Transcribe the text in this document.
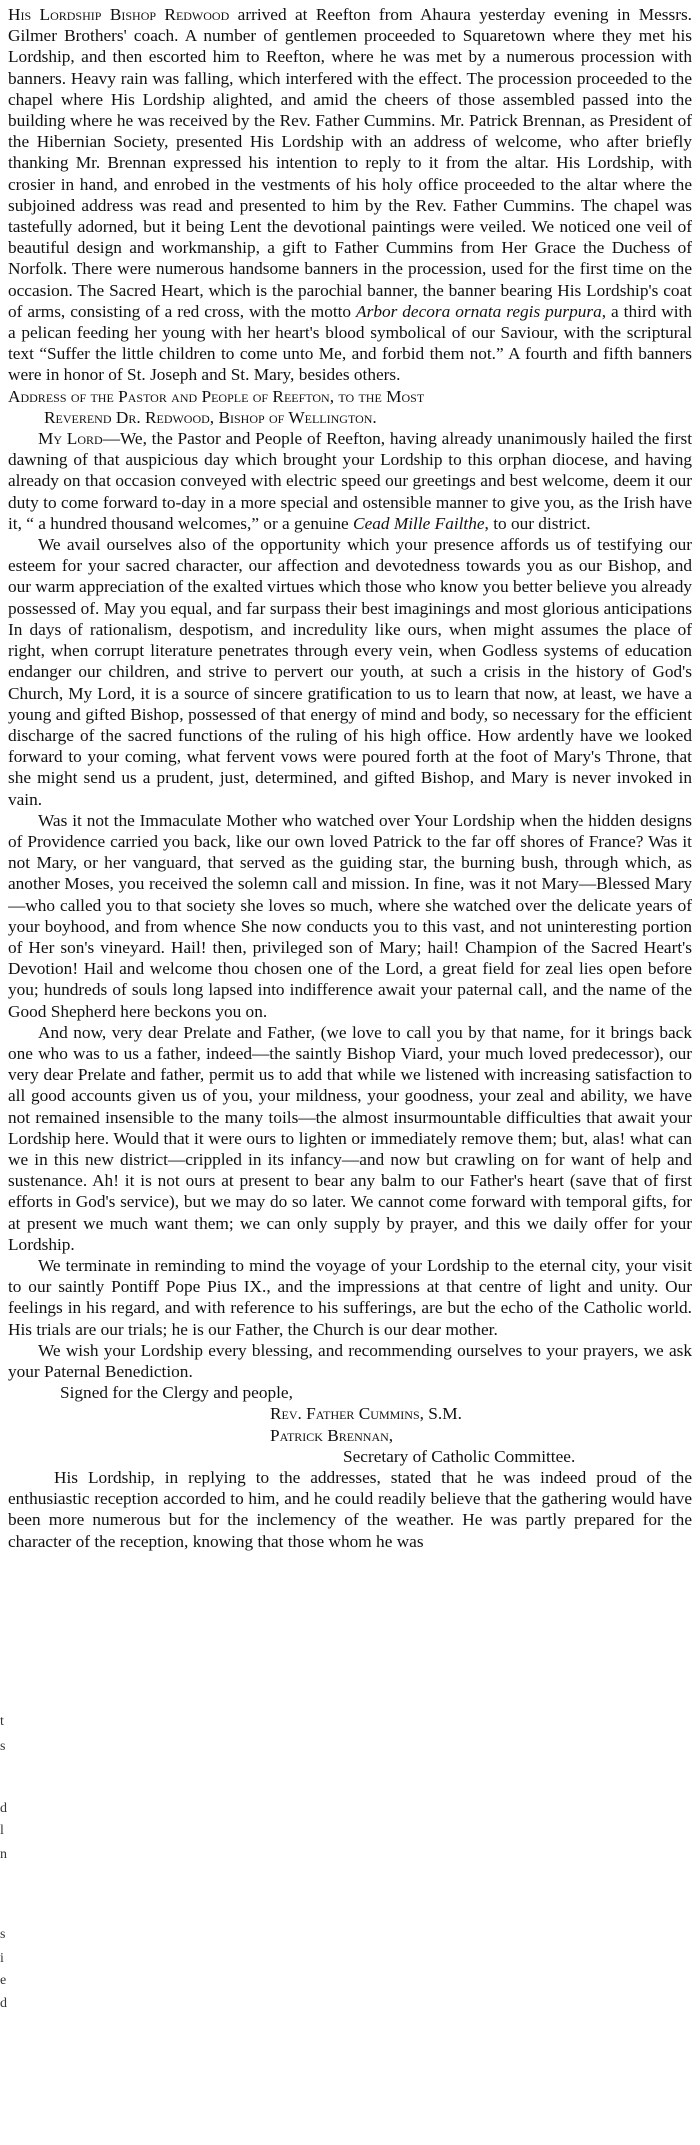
His Lordship Bishop Redwood arrived at Reefton from Ahaura yesterday evening in Messrs. Gilmer Brothers' coach. A number of gentlemen proceeded to Squaretown where they met his Lordship, and then escorted him to Reefton, where he was met by a numerous procession with banners. Heavy rain was falling, which interfered with the effect. The procession proceeded to the chapel where His Lordship alighted, and amid the cheers of those assembled passed into the building where he was received by the Rev. Father Cummins. Mr. Patrick Brennan, as President of the Hibernian Society, presented His Lordship with an address of welcome, who after briefly thanking Mr. Brennan expressed his intention to reply to it from the altar. His Lordship, with crosier in hand, and enrobed in the vestments of his holy office proceeded to the altar where the subjoined address was read and presented to him by the Rev. Father Cummins. The chapel was tastefully adorned, but it being Lent the devotional paintings were veiled. We noticed one veil of beautiful design and workmanship, a gift to Father Cummins from Her Grace the Duchess of Norfolk. There were numerous handsome banners in the procession, used for the first time on the occasion. The Sacred Heart, which is the parochial banner, the banner bearing His Lordship's coat of arms, consisting of a red cross, with the motto Arbor decora ornata regis purpura, a third with a pelican feeding her young with her heart's blood symbolical of our Saviour, with the scriptural text “Suffer the little children to come unto Me, and forbid them not.” A fourth and fifth banners were in honor of St. Joseph and St. Mary, besides others.

Address of the Pastor and People of Reefton, to the Most
Reverend Dr. Redwood, Bishop of Wellington.

My Lord—We, the Pastor and People of Reefton, having already unanimously hailed the first dawning of that auspicious day which brought your Lordship to this orphan diocese, and having already on that occasion conveyed with electric speed our greetings and best welcome, deem it our duty to come forward to-day in a more special and ostensible manner to give you, as the Irish have it, “ a hundred thousand welcomes,” or a genuine Cead Mille Failthe, to our district.

We avail ourselves also of the opportunity which your presence affords us of testifying our esteem for your sacred character, our affection and devotedness towards you as our Bishop, and our warm appreciation of the exalted virtues which those who know you better believe you already possessed of. May you equal, and far surpass their best imaginings and most glorious anticipations In days of rationalism, despotism, and incredulity like ours, when might assumes the place of right, when corrupt literature penetrates through every vein, when Godless systems of education endanger our children, and strive to pervert our youth, at such a crisis in the history of God's Church, My Lord, it is a source of sincere gratification to us to learn that now, at least, we have a young and gifted Bishop, possessed of that energy of mind and body, so necessary for the efficient discharge of the sacred functions of the ruling of his high office. How ardently have we looked forward to your coming, what fervent vows were poured forth at the foot of Mary's Throne, that she might send us a prudent, just, determined, and gifted Bishop, and Mary is never invoked in vain.

Was it not the Immaculate Mother who watched over Your Lordship when the hidden designs of Providence carried you back, like our own loved Patrick to the far off shores of France? Was it not Mary, or her vanguard, that served as the guiding star, the burning bush, through which, as another Moses, you received the solemn call and mission. In fine, was it not Mary—Blessed Mary—who called you to that society she loves so much, where she watched over the delicate years of your boyhood, and from whence She now conducts you to this vast, and not uninteresting portion of Her son's vineyard. Hail! then, privileged son of Mary; hail! Champion of the Sacred Heart's Devotion! Hail and welcome thou chosen one of the Lord, a great field for zeal lies open before you; hundreds of souls long lapsed into indifference await your paternal call, and the name of the Good Shepherd here beckons you on.

And now, very dear Prelate and Father, (we love to call you by that name, for it brings back one who was to us a father, indeed—the saintly Bishop Viard, your much loved predecessor), our very dear Prelate and father, permit us to add that while we listened with increasing satisfaction to all good accounts given us of you, your mildness, your goodness, your zeal and ability, we have not remained insensible to the many toils—the almost insurmountable difficulties that await your Lordship here. Would that it were ours to lighten or immediately remove them; but, alas! what can we in this new district—crippled in its infancy—and now but crawling on for want of help and sustenance. Ah! it is not ours at present to bear any balm to our Father's heart (save that of first efforts in God's service), but we may do so later. We cannot come forward with temporal gifts, for at present we much want them; we can only supply by prayer, and this we daily offer for your Lordship.

We terminate in reminding to mind the voyage of your Lordship to the eternal city, your visit to our saintly Pontiff Pope Pius IX., and the impressions at that centre of light and unity. Our feelings in his regard, and with reference to his sufferings, are but the echo of the Catholic world. His trials are our trials; he is our Father, the Church is our dear mother.

We wish your Lordship every blessing, and recommending ourselves to your prayers, we ask your Paternal Benediction.

Signed for the Clergy and people,

Rev. Father Cummins, S.M.

Patrick Brennan,

Secretary of Catholic Committee.

His Lordship, in replying to the addresses, stated that he was indeed proud of the enthusiastic reception accorded to him, and he could readily believe that the gathering would have been more numerous but for the inclemency of the weather. He was partly prepared for the character of the reception, knowing that those whom he was

t
s
d
l
n
s
i
e
d
